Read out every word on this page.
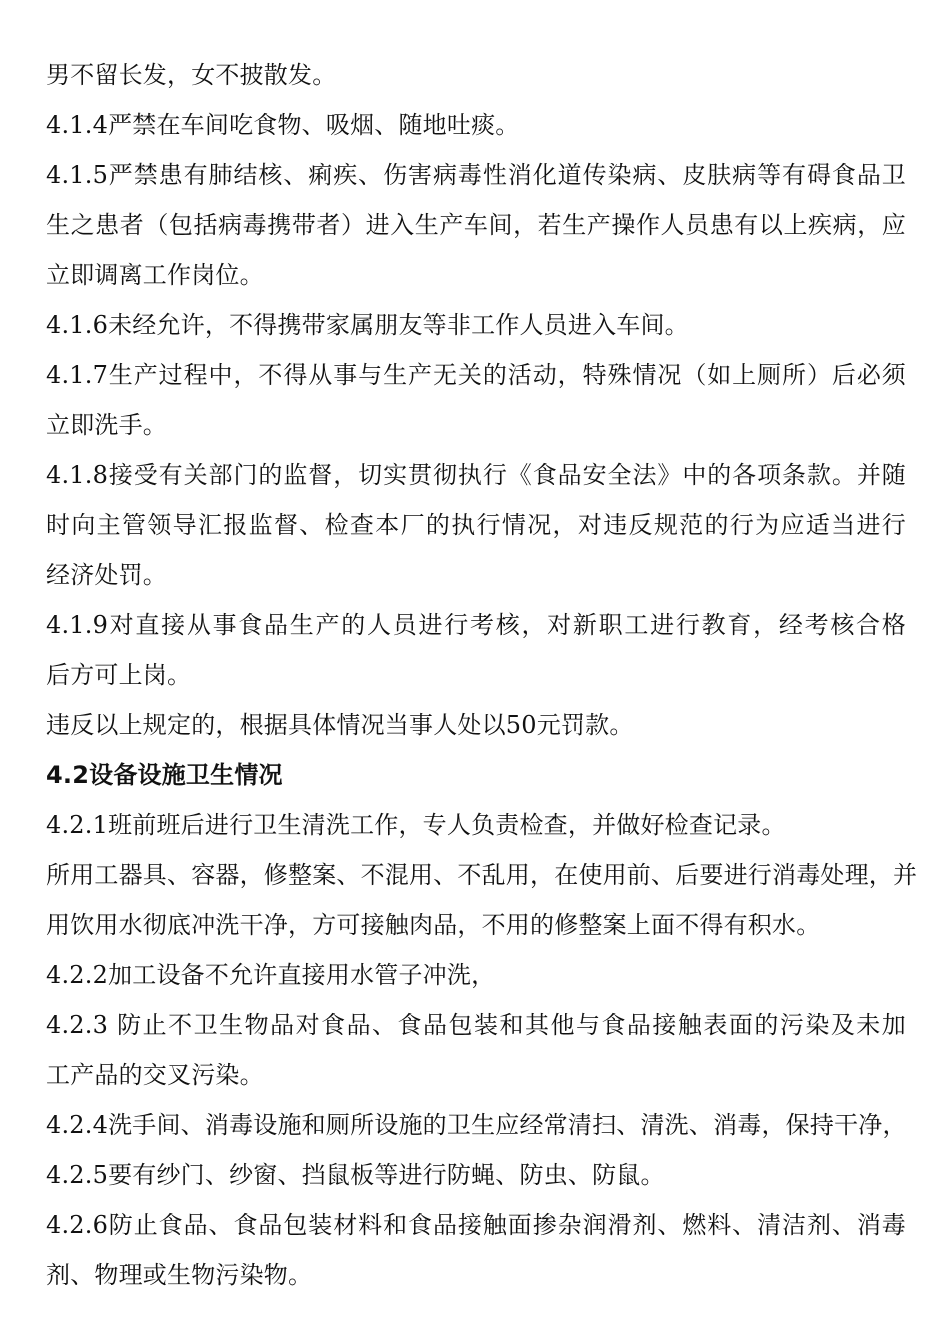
男不留长发，女不披散发。
4.1.4严禁在车间吃食物、吸烟、随地吐痰。
4.1.5严禁患有肺结核、痢疾、伤害病毒性消化道传染病、皮肤病等有碍食品卫
生之患者（包括病毒携带者）进入生产车间，若生产操作人员患有以上疾病，应
立即调离工作岗位。
4.1.6未经允许，不得携带家属朋友等非工作人员进入车间。
4.1.7生产过程中，不得从事与生产无关的活动，特殊情况（如上厕所）后必须
立即洗手。
4.1.8接受有关部门的监督，切实贯彻执行《食品安全法》中的各项条款。并随
时向主管领导汇报监督、检查本厂的执行情况，对违反规范的行为应适当进行
经济处罚。
4.1.9对直接从事食品生产的人员进行考核，对新职工进行教育，经考核合格
后方可上岗。
违反以上规定的，根据具体情况当事人处以50元罚款。
4.2设备设施卫生情况
4.2.1班前班后进行卫生清洗工作，专人负责检查，并做好检查记录。
所用工器具、容器，修整案、不混用、不乱用，在使用前、后要进行消毒处理，并
用饮用水彻底冲洗干净，方可接触肉品，不用的修整案上面不得有积水。
4.2.2加工设备不允许直接用水管子冲洗，
4.2.3 防止不卫生物品对食品、食品包装和其他与食品接触表面的污染及未加
工产品的交叉污染。
4.2.4洗手间、消毒设施和厕所设施的卫生应经常清扫、清洗、消毒，保持干净，
4.2.5要有纱门、纱窗、挡鼠板等进行防蝇、防虫、防鼠。
4.2.6防止食品、食品包装材料和食品接触面掺杂润滑剂、燃料、清洁剂、消毒
剂、物理或生物污染物。
